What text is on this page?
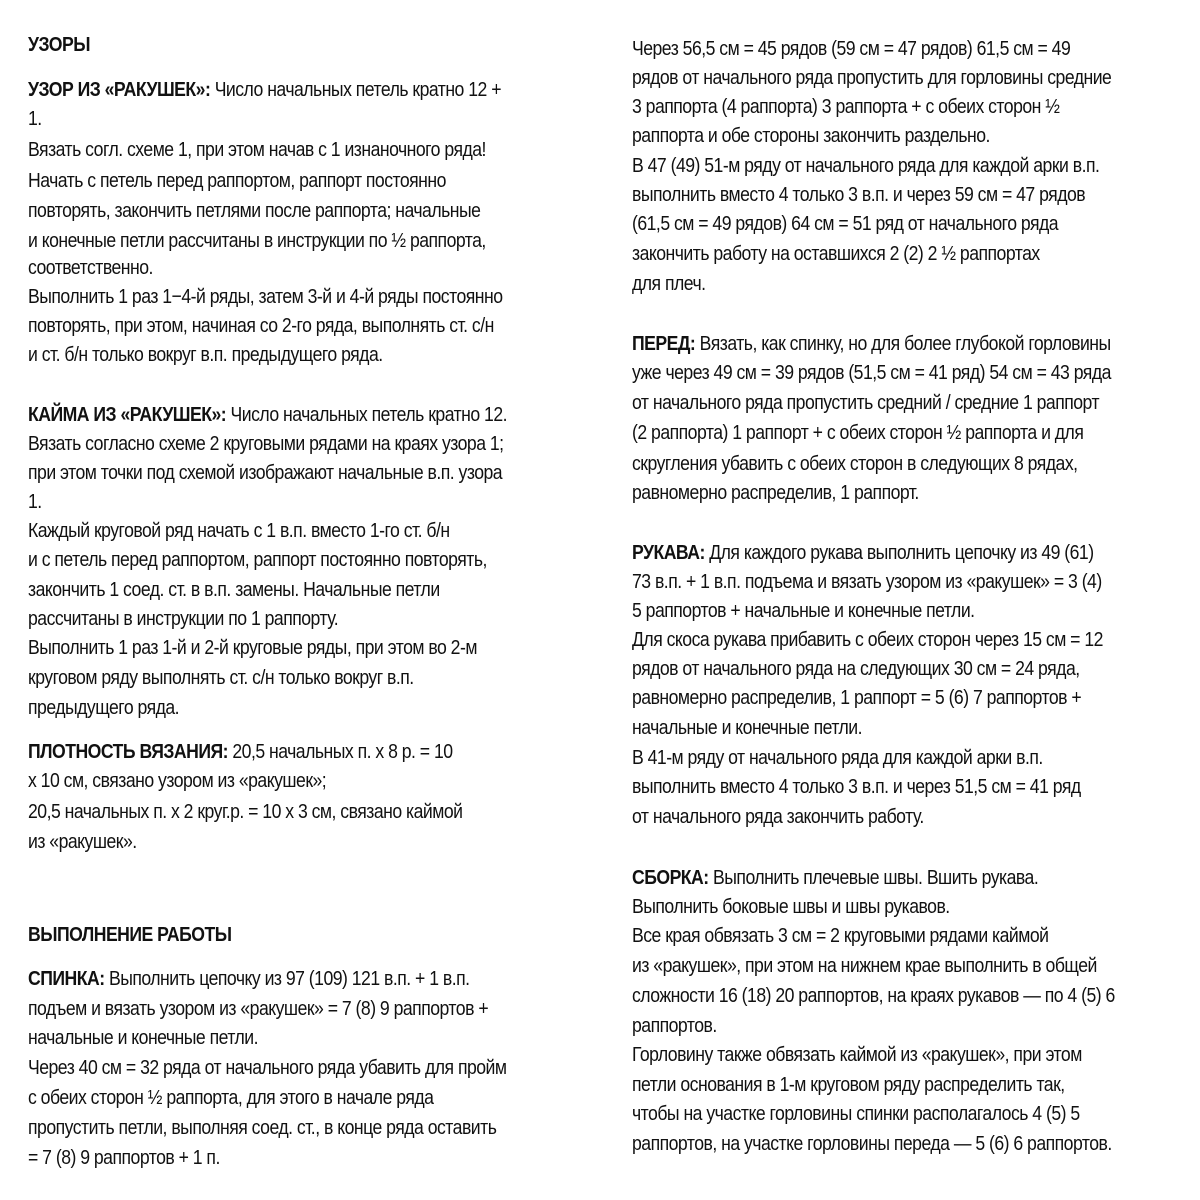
УЗОРЫ
УЗОР ИЗ «РАКУШЕК»: Число начальных петель кратно 12 +
1.
Вязать согл. схеме 1, при этом начав с 1 изнаночного ряда!
Начать с петель перед раппортом, раппорт постоянно
повторять, закончить петлями после раппорта; начальные
и конечные петли рассчитаны в инструкции по ½ раппорта,
соответственно.
Выполнить 1 раз 1−4-й ряды, затем 3-й и 4-й ряды постоянно
повторять, при этом, начиная со 2-го ряда, выполнять ст. с/н
и ст. б/н только вокруг в.п. предыдущего ряда.
КАЙМА ИЗ «РАКУШЕК»: Число начальных петель кратно 12.
Вязать согласно схеме 2 круговыми рядами на краях узора 1;
при этом точки под схемой изображают начальные в.п. узора
1.
Каждый круговой ряд начать с 1 в.п. вместо 1-го ст. б/н
и с петель перед раппортом, раппорт постоянно повторять,
закончить 1 соед. ст. в в.п. замены. Начальные петли
рассчитаны в инструкции по 1 раппорту.
Выполнить 1 раз 1-й и 2-й круговые ряды, при этом во 2-м
круговом ряду выполнять ст. с/н только вокруг в.п.
предыдущего ряда.
ПЛОТНОСТЬ ВЯЗАНИЯ: 20,5 начальных п. х 8 р. = 10
х 10 см, связано узором из «ракушек»;
20,5 начальных п. х 2 круг.р. = 10 х 3 см, связано каймой
из «ракушек».
ВЫПОЛНЕНИЕ РАБОТЫ
СПИНКА: Выполнить цепочку из 97 (109) 121 в.п. + 1 в.п.
подъем и вязать узором из «ракушек» = 7 (8) 9 раппортов +
начальные и конечные петли.
Через 40 см = 32 ряда от начального ряда убавить для пройм
с обеих сторон ½ раппорта, для этого в начале ряда
пропустить петли, выполняя соед. ст., в конце ряда оставить
= 7 (8) 9 раппортов + 1 п.
Через 56,5 см = 45 рядов (59 см = 47 рядов) 61,5 см = 49
рядов от начального ряда пропустить для горловины средние
3 раппорта (4 раппорта) 3 раппорта + с обеих сторон ½
раппорта и обе стороны закончить раздельно.
В 47 (49) 51-м ряду от начального ряда для каждой арки в.п.
выполнить вместо 4 только 3 в.п. и через 59 см = 47 рядов
(61,5 см = 49 рядов) 64 см = 51 ряд от начального ряда
закончить работу на оставшихся 2 (2) 2 ½ раппортах
для плеч.
ПЕРЕД: Вязать, как спинку, но для более глубокой горловины
уже через 49 см = 39 рядов (51,5 см = 41 ряд) 54 см = 43 ряда
от начального ряда пропустить средний / средние 1 раппорт
(2 раппорта) 1 раппорт + с обеих сторон ½ раппорта и для
скругления убавить с обеих сторон в следующих 8 рядах,
равномерно распределив, 1 раппорт.
РУКАВА: Для каждого рукава выполнить цепочку из 49 (61)
73 в.п. + 1 в.п. подъема и вязать узором из «ракушек» = 3 (4)
5 раппортов + начальные и конечные петли.
Для скоса рукава прибавить с обеих сторон через 15 см = 12
рядов от начального ряда на следующих 30 см = 24 ряда,
равномерно распределив, 1 раппорт = 5 (6) 7 раппортов +
начальные и конечные петли.
В 41-м ряду от начального ряда для каждой арки в.п.
выполнить вместо 4 только 3 в.п. и через 51,5 см = 41 ряд
от начального ряда закончить работу.
СБОРКА: Выполнить плечевые швы. Вшить рукава.
Выполнить боковые швы и швы рукавов.
Все края обвязать 3 см = 2 круговыми рядами каймой
из «ракушек», при этом на нижнем крае выполнить в общей
сложности 16 (18) 20 раппортов, на краях рукавов — по 4 (5) 6
раппортов.
Горловину также обвязать каймой из «ракушек», при этом
петли основания в 1-м круговом ряду распределить так,
чтобы на участке горловины спинки располагалось 4 (5) 5
раппортов, на участке горловины переда — 5 (6) 6 раппортов.
